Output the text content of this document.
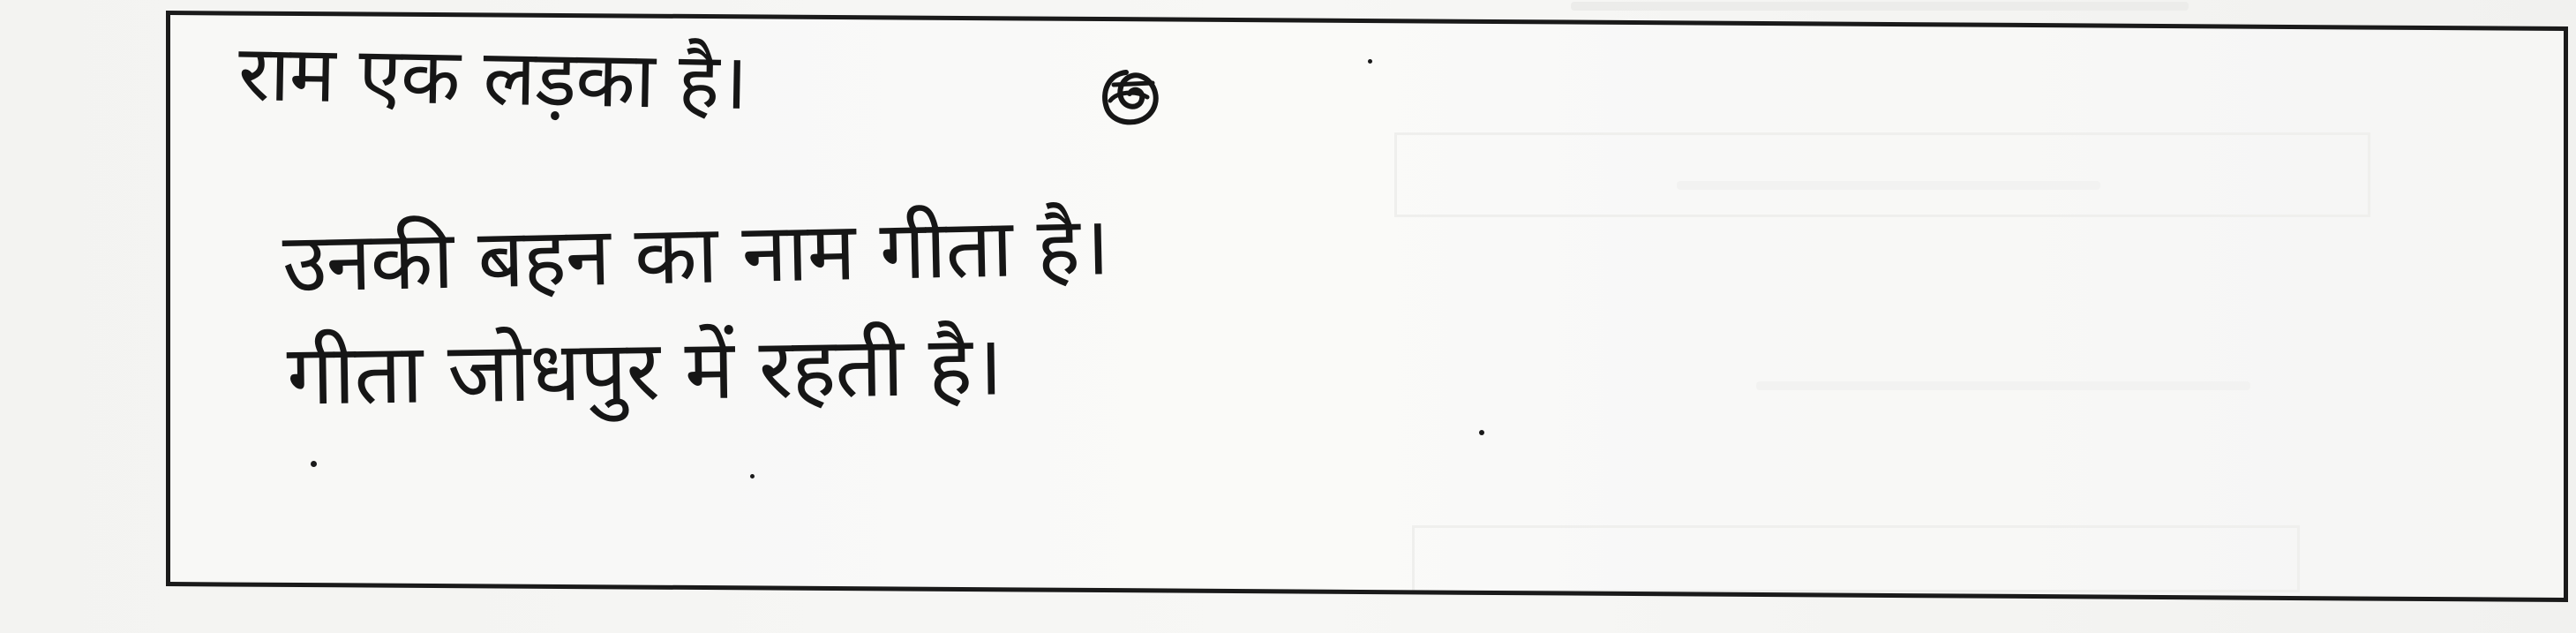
राम एक लड़का है।
उनकी बहन का नाम गीता है।
गीता जोधपुर में रहती है।
